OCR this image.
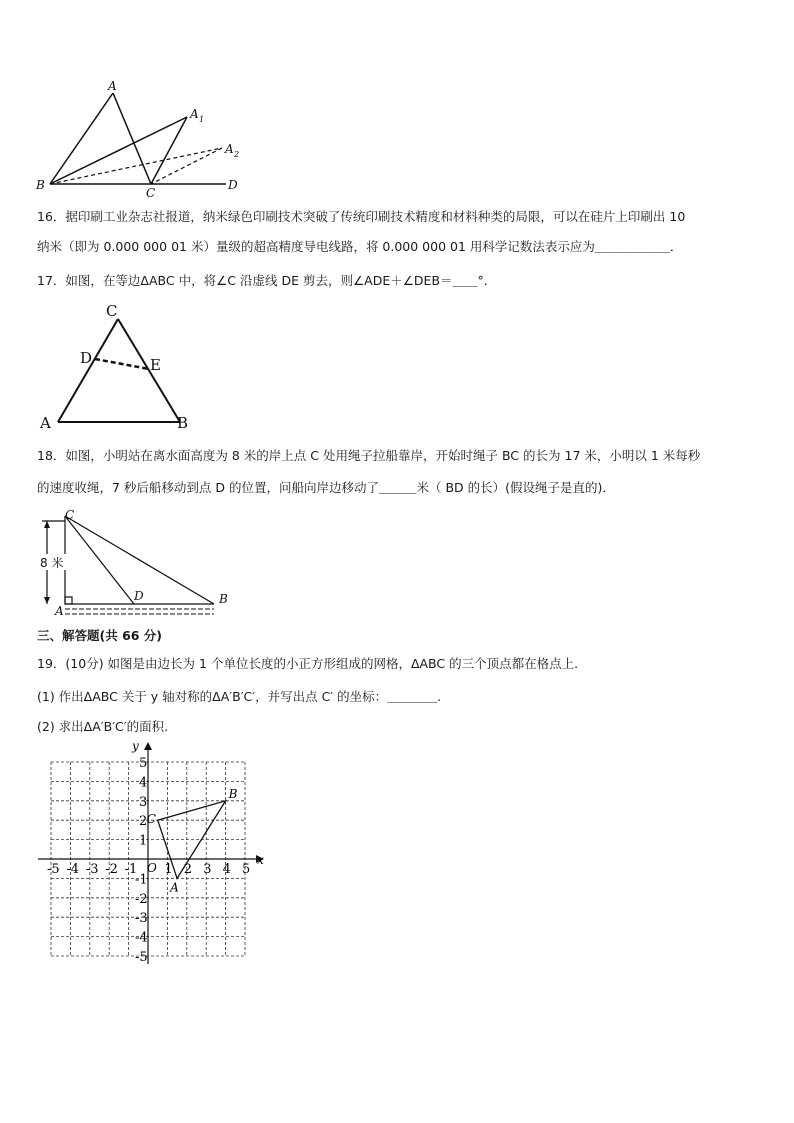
A
A 1
A 2
B
C
D
16．据印刷工业杂志社报道，纳米绿色印刷技术突破了传统印刷技术精度和材料种类的局限，可以在硅片上印刷出 10
纳米（即为 0.000 000 01 米）量级的超高精度导电线路，将 0.000 000 01 用科学记数法表示应为＿＿＿＿＿＿．
17．如图，在等边ΔABC 中，将∠C 沿虚线 DE 剪去，则∠ADE＋∠DEB＝＿＿°．
C
D	E
A	B
18．如图，小明站在离水面高度为 8 米的岸上点 C 处用绳子拉船靠岸，开始时绳子 BC 的长为 17 米，小明以 1 米每秒
的速度收绳，7 秒后船移动到点 D 的位置，问船向岸边移动了＿＿＿米（ BD 的长）(假设绳子是直的)．
8 米
C
A
D	B
三、解答题(共 66 分)
19．(10分) 如图是由边长为 1 个单位长度的小正方形组成的网格，ΔABC 的三个顶点都在格点上.
(1) 作出ΔABC 关于 y 轴对称的ΔA′B′C′，并写出点 C′ 的坐标：＿＿＿＿.
(2) 求出ΔA′B′C′的面积.
x
y
O
-5 -4 -3 -2 -1 1 2 3 4 5
5
4
3
2
1
-1
-2
-3
-4
-5
A
B
C
